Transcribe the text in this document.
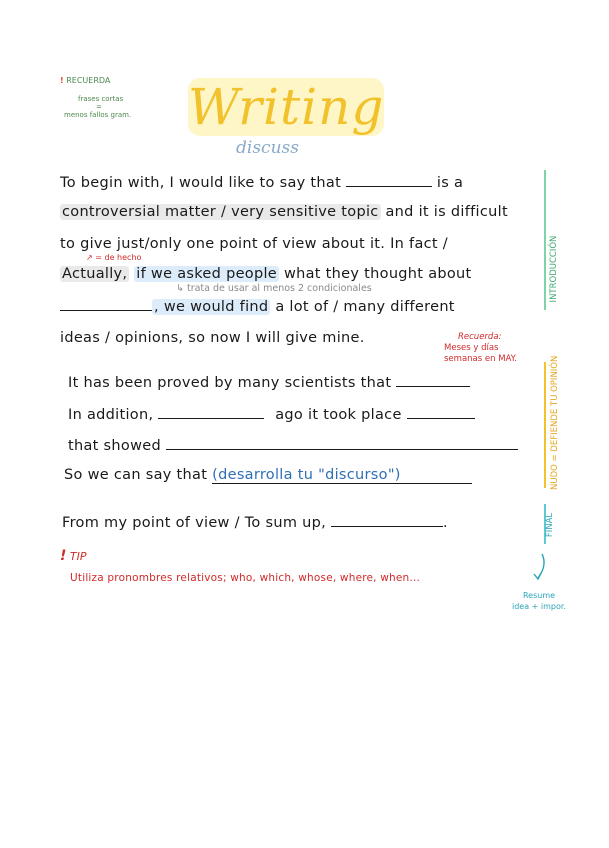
! RECUERDA
frases cortas
=
menos fallos gram. Writing
discuss
To begin with, I would like to say that	is a
controversial matter / very sensitive topic and it is difficult
to give just/only one point of view about it. In fact /
↗ = de hecho
Actually, if we asked people what they thought about
↳ trata de usar al menos 2 condicionales
, we would find a lot of / many different
ideas / opinions, so now I will give mine.
INTRODUCCIÓN
Recuerda:
Meses y días
semanas en MAY.
It has been proved by many scientists that
In addition,	ago it took place
that showed
So we can say that (desarrolla tu "discurso")	NUDO = DEFIENDE TU OPINIÓN
From my point of view / To sum up,	.	FINAL
Resume
idea + impor.
! TIP
Utiliza pronombres relativos; who, which, whose, where, when...
